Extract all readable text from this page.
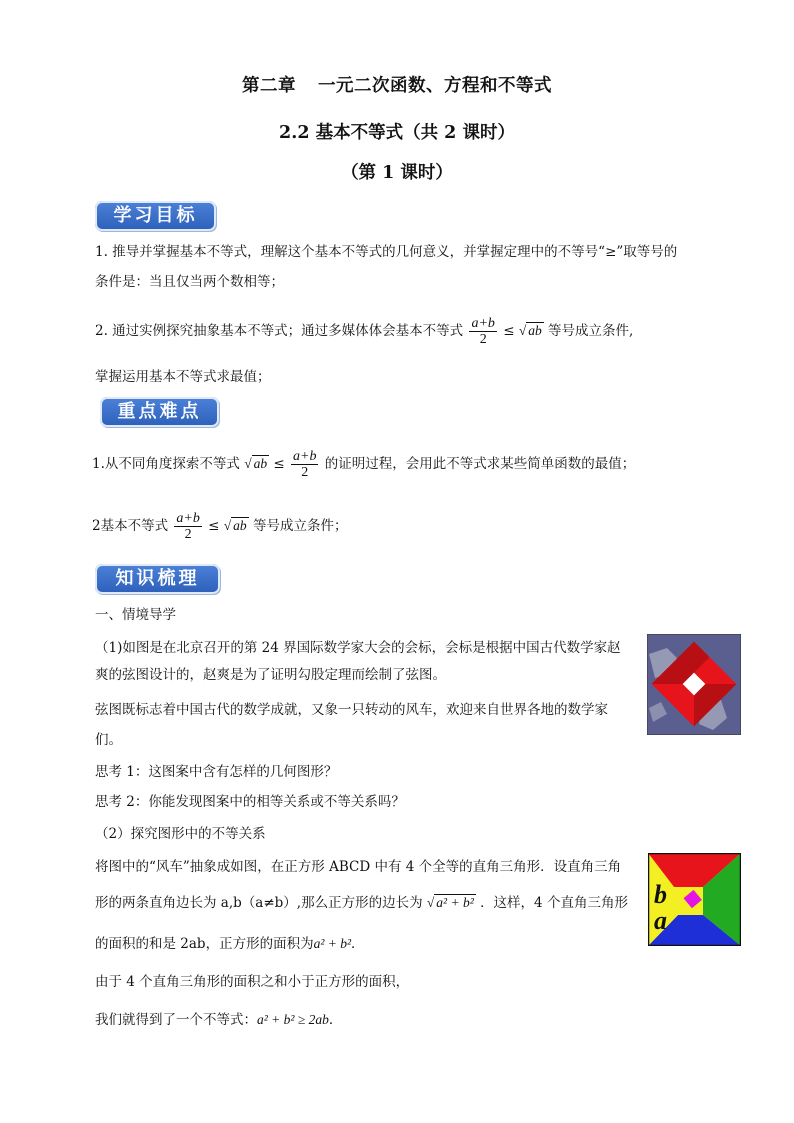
第二章 一元二次函数、方程和不等式
2.2 基本不等式（共 2 课时）
（第 1 课时）
学习目标
1. 推导并掌握基本不等式，理解这个基本不等式的几何意义，并掌握定理中的不等号“≥”取等号的
条件是：当且仅当两个数相等；
2. 通过实例探究抽象基本不等式；通过多媒体体会基本不等式 $\frac{a+b}{2}$ ≤ √ ab 等号成立条件,
掌握运用基本不等式求最值；
重点难点
1.从不同角度探索不等式 √ ab ≤ $\frac{a+b}{2}$ 的证明过程，会用此不等式求某些简单函数的最值；
2基本不等式 $\frac{a+b}{2}$ ≤ √ ab 等号成立条件；
知识梳理
一、情境导学
（1)如图是在北京召开的第 24 界国际数学家大会的会标，会标是根据中国古代数学家赵
爽的弦图设计的，赵爽是为了证明勾股定理而绘制了弦图。
弦图既标志着中国古代的数学成就，又象一只转动的风车，欢迎来自世界各地的数学家
们。
思考 1：这图案中含有怎样的几何图形？
思考 2：你能发现图案中的相等关系或不等关系吗？
（2）探究图形中的不等关系
将图中的“风车”抽象成如图，在正方形 ABCD 中有 4 个全等的直角三角形．设直角三角
形的两条直角边长为 a,b（a≠b）,那么正方形的边长为 √ a² + b² ．这样，4 个直角三角形
的面积的和是 2ab，正方形的面积为a² + b²．
由于 4 个直角三角形的面积之和小于正方形的面积，
我们就得到了一个不等式：a² + b² ≥ 2ab．
b
a
